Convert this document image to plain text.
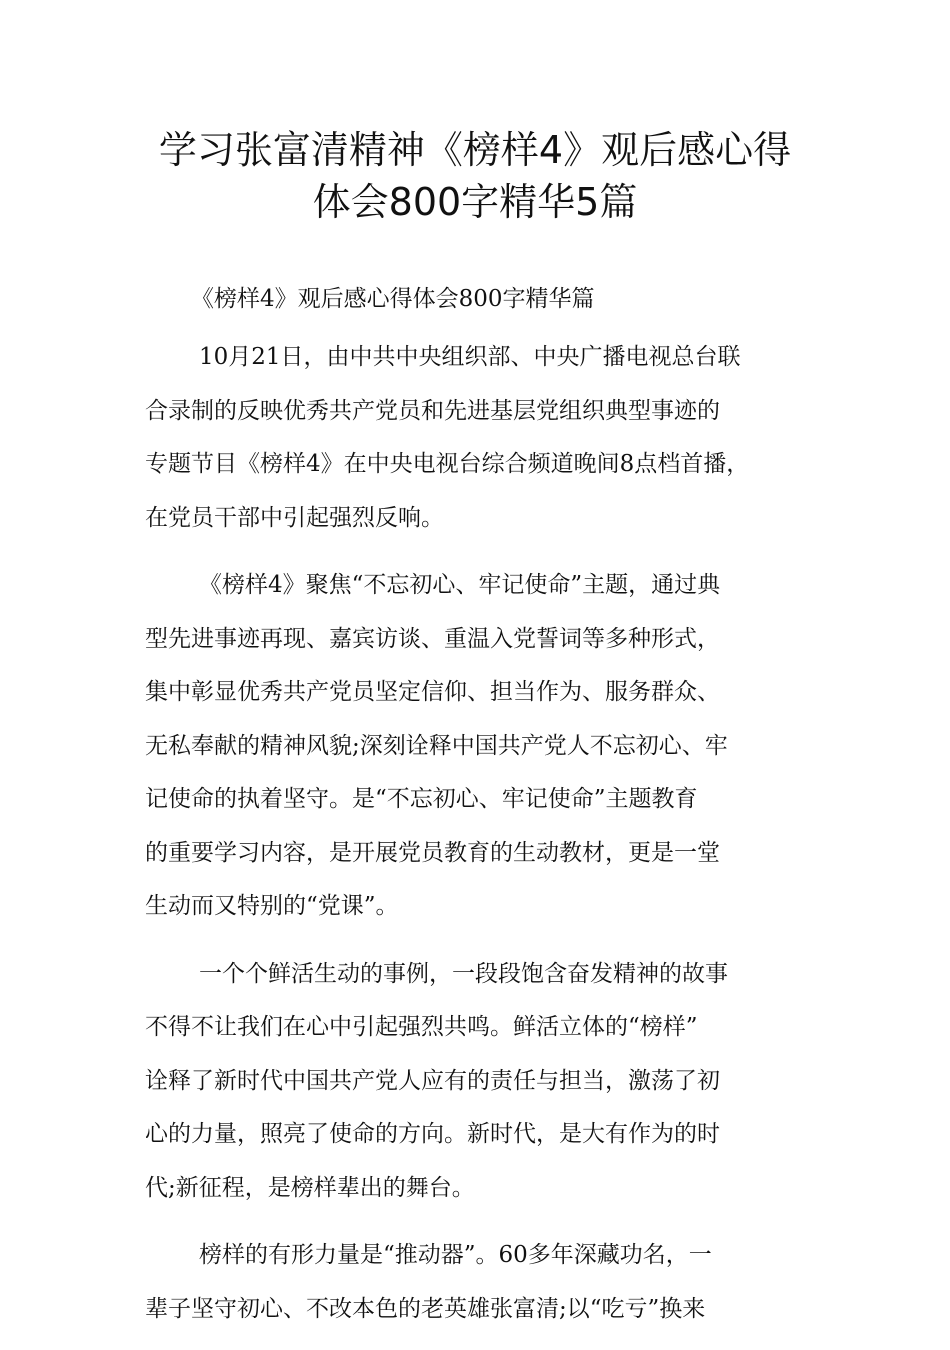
学习张富清精神《榜样4》观后感心得
体会800字精华5篇

《榜样4》观后感心得体会800字精华篇

10月21日，由中共中央组织部、中央广播电视总台联
合录制的反映优秀共产党员和先进基层党组织典型事迹的
专题节目《榜样4》在中央电视台综合频道晚间8点档首播，
在党员干部中引起强烈反响。

《榜样4》聚焦“不忘初心、牢记使命”主题，通过典
型先进事迹再现、嘉宾访谈、重温入党誓词等多种形式，
集中彰显优秀共产党员坚定信仰、担当作为、服务群众、
无私奉献的精神风貌;深刻诠释中国共产党人不忘初心、牢
记使命的执着坚守。是“不忘初心、牢记使命”主题教育
的重要学习内容，是开展党员教育的生动教材，更是一堂
生动而又特别的“党课”。

一个个鲜活生动的事例，一段段饱含奋发精神的故事
不得不让我们在心中引起强烈共鸣。鲜活立体的“榜样”
诠释了新时代中国共产党人应有的责任与担当，激荡了初
心的力量，照亮了使命的方向。新时代，是大有作为的时
代;新征程，是榜样辈出的舞台。

榜样的有形力量是“推动器”。60多年深藏功名，一
辈子坚守初心、不改本色的老英雄张富清;以“吃亏”换来
